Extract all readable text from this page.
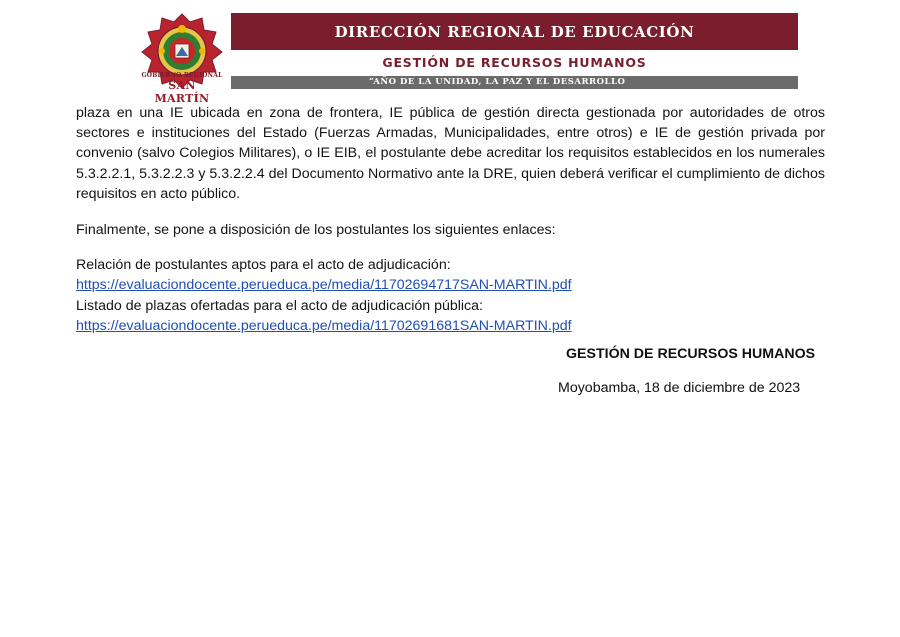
GOBIERNO REGIONAL
SAN MARTÍN
DIRECCIÓN REGIONAL DE EDUCACIÓN
GESTIÓN DE RECURSOS HUMANOS
“AÑO DE LA UNIDAD, LA PAZ Y EL DESARROLLO

plaza en una IE ubicada en zona de frontera, IE pública de gestión directa gestionada por autoridades de otros sectores e instituciones del Estado (Fuerzas Armadas, Municipalidades, entre otros) e IE de gestión privada por convenio (salvo Colegios Militares), o IE EIB, el postulante debe acreditar los requisitos establecidos en los numerales 5.3.2.2.1, 5.3.2.2.3 y 5.3.2.2.4 del Documento Normativo ante la DRE, quien deberá verificar el cumplimiento de dichos requisitos en acto público.

Finalmente, se pone a disposición de los postulantes los siguientes enlaces:

Relación de postulantes aptos para el acto de adjudicación:
https://evaluaciondocente.perueduca.pe/media/11702694717SAN-MARTIN.pdf
Listado de plazas ofertadas para el acto de adjudicación pública:
https://evaluaciondocente.perueduca.pe/media/11702691681SAN-MARTIN.pdf
GESTIÓN DE RECURSOS HUMANOS
Moyobamba, 18 de diciembre de 2023
